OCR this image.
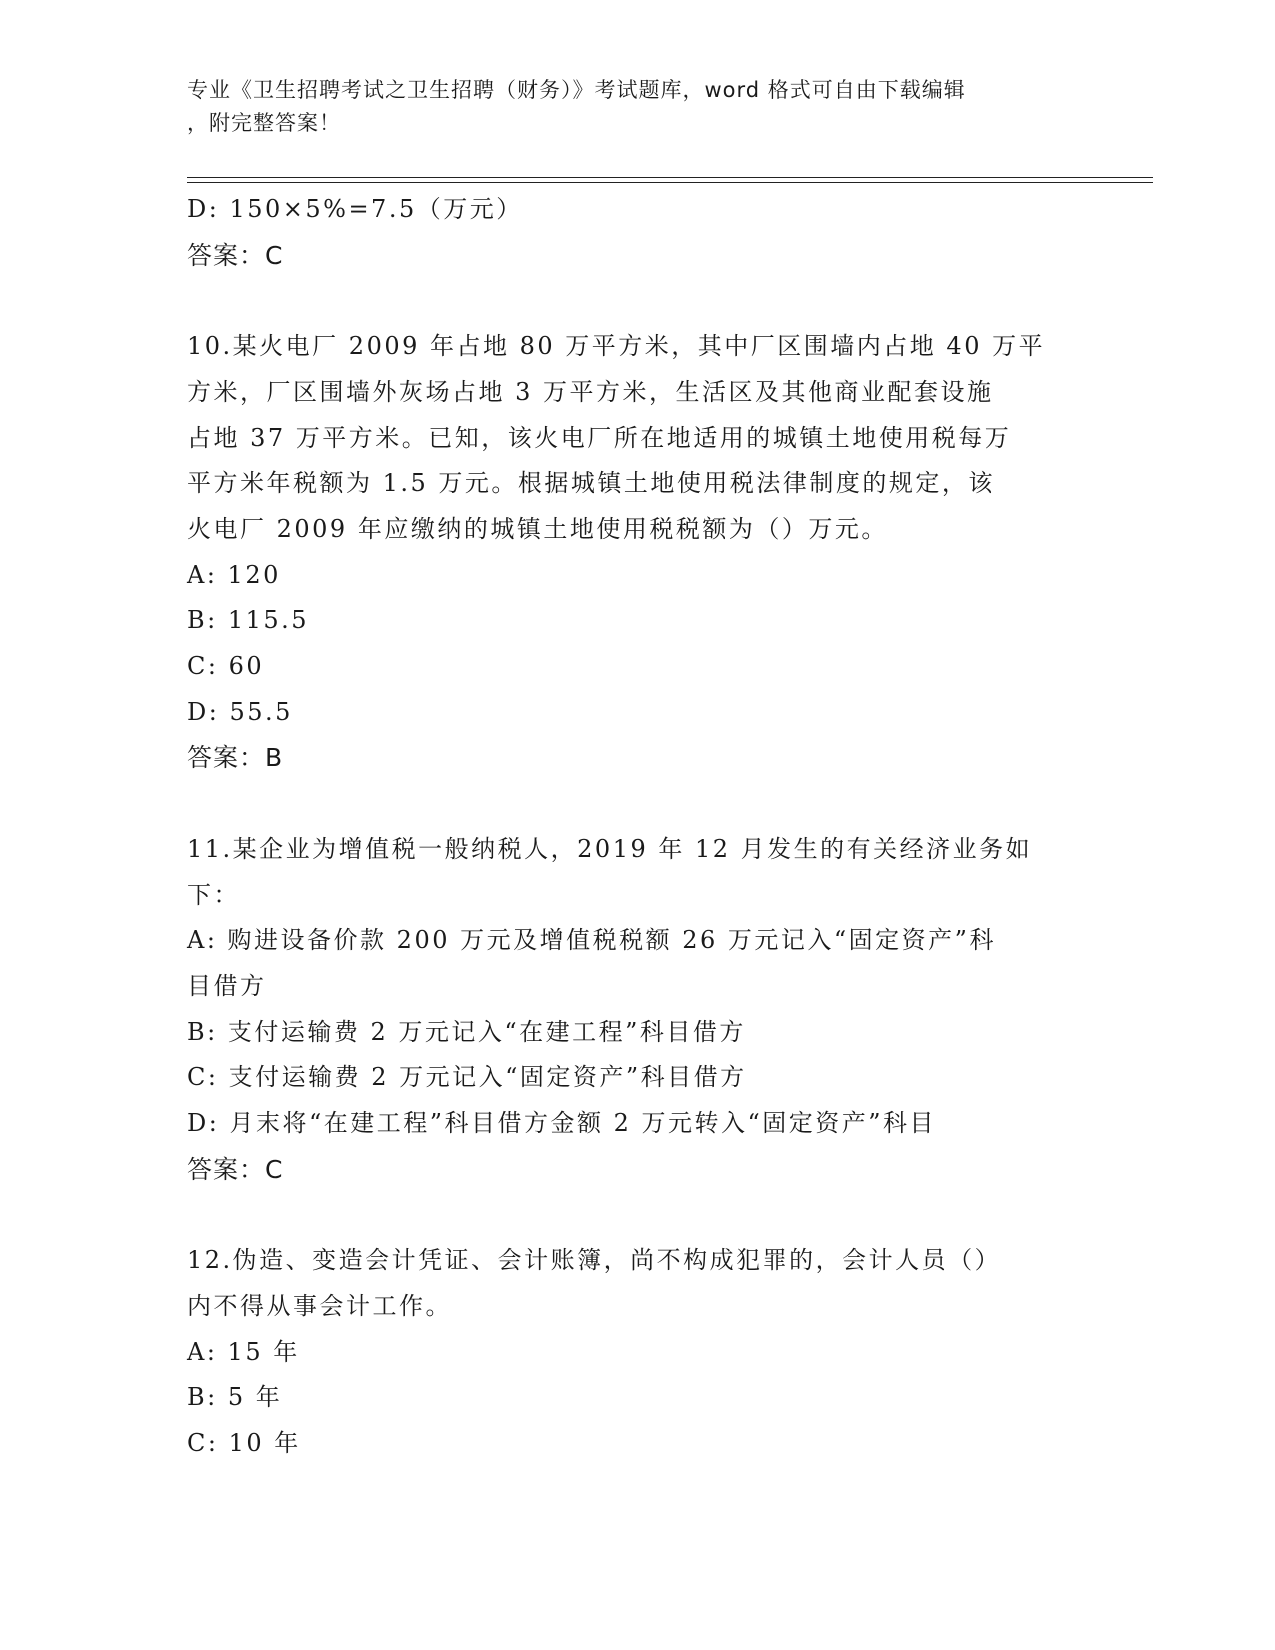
专业《卫生招聘考试之卫生招聘（财务）》考试题库，word 格式可自由下载编辑
，附完整答案！
D: 150×5%=7.5（万元）
答案：C
10.某火电厂 2009 年占地 80 万平方米，其中厂区围墙内占地 40 万平
方米，厂区围墙外灰场占地 3 万平方米，生活区及其他商业配套设施
占地 37 万平方米。已知，该火电厂所在地适用的城镇土地使用税每万
平方米年税额为 1.5 万元。根据城镇土地使用税法律制度的规定，该
火电厂 2009 年应缴纳的城镇土地使用税税额为（）万元。
A: 120
B: 115.5
C: 60
D: 55.5
答案：B
11.某企业为增值税一般纳税人，2019 年 12 月发生的有关经济业务如
下：
A: 购进设备价款 200 万元及增值税税额 26 万元记入“固定资产”科
目借方
B: 支付运输费 2 万元记入“在建工程”科目借方
C: 支付运输费 2 万元记入“固定资产”科目借方
D: 月末将“在建工程”科目借方金额 2 万元转入“固定资产”科目
答案：C
12.伪造、变造会计凭证、会计账簿，尚不构成犯罪的，会计人员（）
内不得从事会计工作。
A: 15 年
B: 5 年
C: 10 年
